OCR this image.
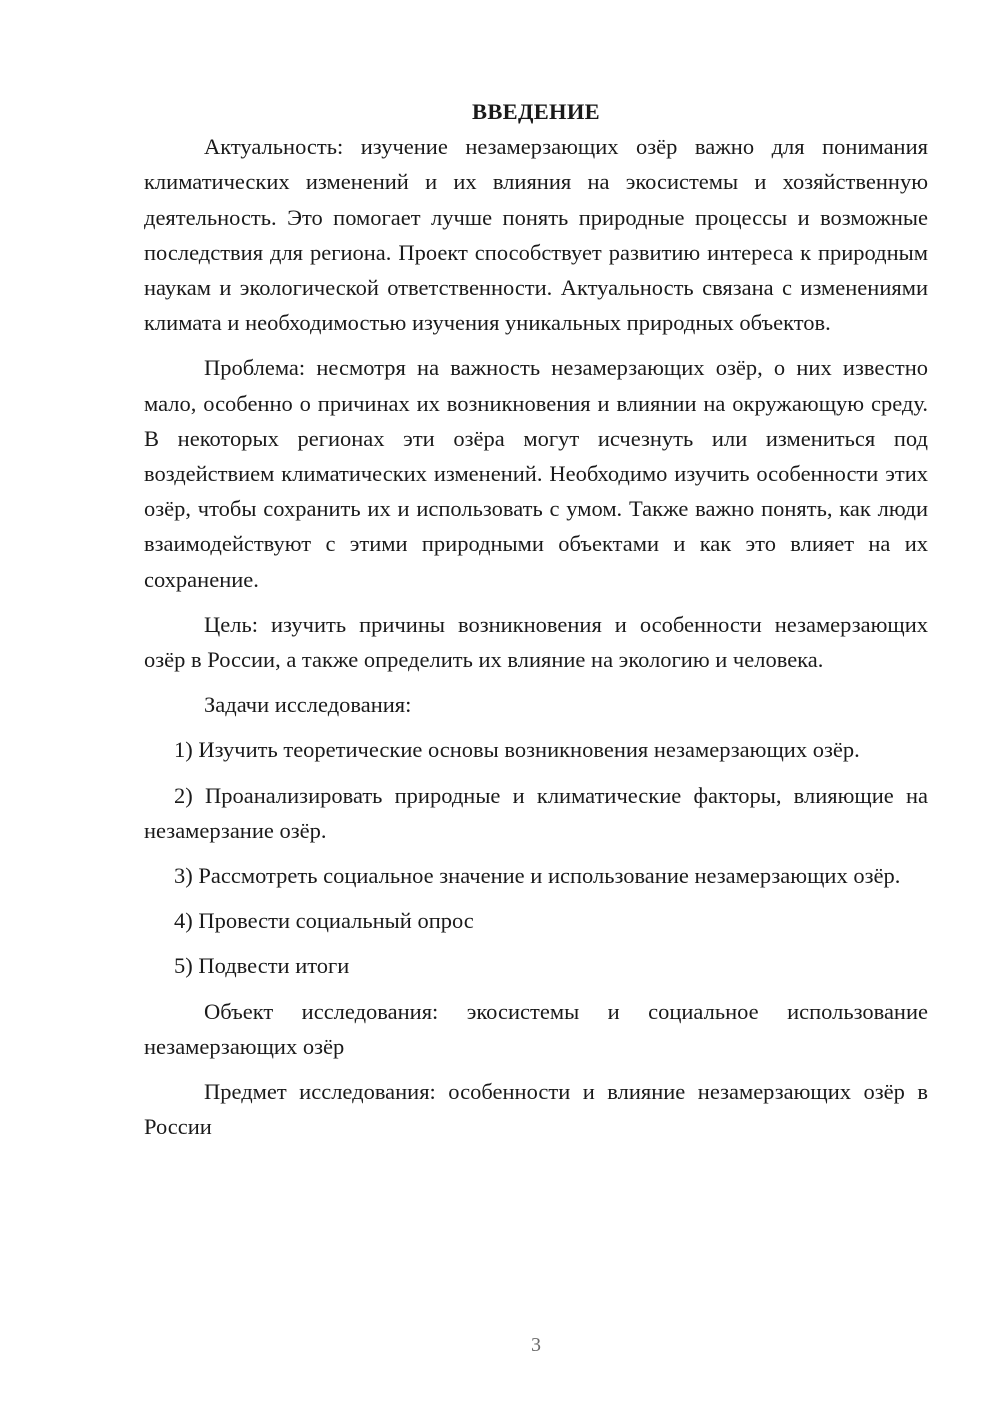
ВВЕДЕНИЕ
Актуальность: изучение незамерзающих озёр важно для понимания климатических изменений и их влияния на экосистемы и хозяйственную деятельность. Это помогает лучше понять природные процессы и возможные последствия для региона. Проект способствует развитию интереса к природным наукам и экологической ответственности. Актуальность связана с изменениями климата и необходимостью изучения уникальных природных объектов.
Проблема: несмотря на важность незамерзающих озёр, о них известно мало, особенно о причинах их возникновения и влиянии на окружающую среду. В некоторых регионах эти озёра могут исчезнуть или измениться под воздействием климатических изменений. Необходимо изучить особенности этих озёр, чтобы сохранить их и использовать с умом. Также важно понять, как люди взаимодействуют с этими природными объектами и как это влияет на их сохранение.
Цель: изучить причины возникновения и особенности незамерзающих озёр в России, а также определить их влияние на экологию и человека.
Задачи исследования:
1) Изучить теоретические основы возникновения незамерзающих озёр.
2) Проанализировать природные и климатические факторы, влияющие на незамерзание озёр.
3) Рассмотреть социальное значение и использование незамерзающих озёр.
4) Провести социальный опрос
5) Подвести итоги
Объект исследования: экосистемы и социальное использование незамерзающих озёр
Предмет исследования: особенности и влияние незамерзающих озёр в России
3
